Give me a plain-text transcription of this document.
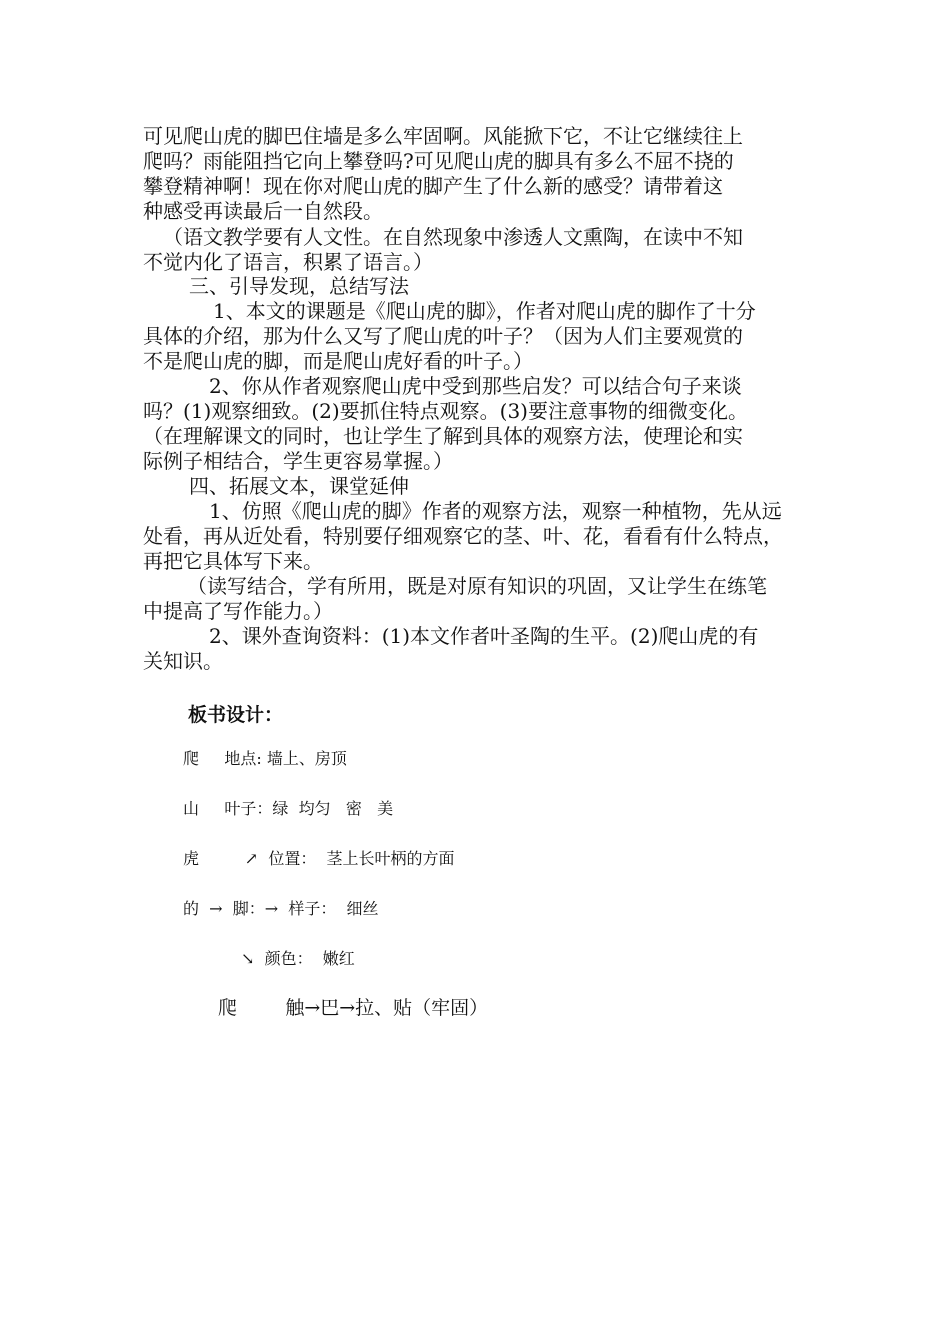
可见爬山虎的脚巴住墙是多么牢固啊。风能掀下它，不让它继续往上
爬吗？雨能阻挡它向上攀登吗?可见爬山虎的脚具有多么不屈不挠的
攀登精神啊！现在你对爬山虎的脚产生了什么新的感受？请带着这
种感受再读最后一自然段。
（语文教学要有人文性。在自然现象中渗透人文熏陶，在读中不知
不觉内化了语言，积累了语言。）
三、引导发现，总结写法
1、本文的课题是《爬山虎的脚》，作者对爬山虎的脚作了十分
具体的介绍，那为什么又写了爬山虎的叶子？（因为人们主要观赏的
不是爬山虎的脚，而是爬山虎好看的叶子。）
2、你从作者观察爬山虎中受到那些启发？可以结合句子来谈
吗？(1)观察细致。(2)要抓住特点观察。(3)要注意事物的细微变化。
（在理解课文的同时，也让学生了解到具体的观察方法，使理论和实
际例子相结合，学生更容易掌握。）
四、拓展文本，课堂延伸
1、仿照《爬山虎的脚》作者的观察方法，观察一种植物，先从远
处看，再从近处看，特别要仔细观察它的茎、叶、花，看看有什么特点，
再把它具体写下来。
（读写结合，学有所用，既是对原有知识的巩固，又让学生在练笔
中提高了写作能力。）
2、课外查询资料：(1)本文作者叶圣陶的生平。(2)爬山虎的有
关知识。
板书设计：
爬     地点: 墙上、房顶
山     叶子：绿  均匀   密   美
虎         ↗  位置：  茎上长叶柄的方面
的  →  脚：→  样子：  细丝
↘  颜色：  嫩红
爬        触→巴→拉、贴（牢固）
